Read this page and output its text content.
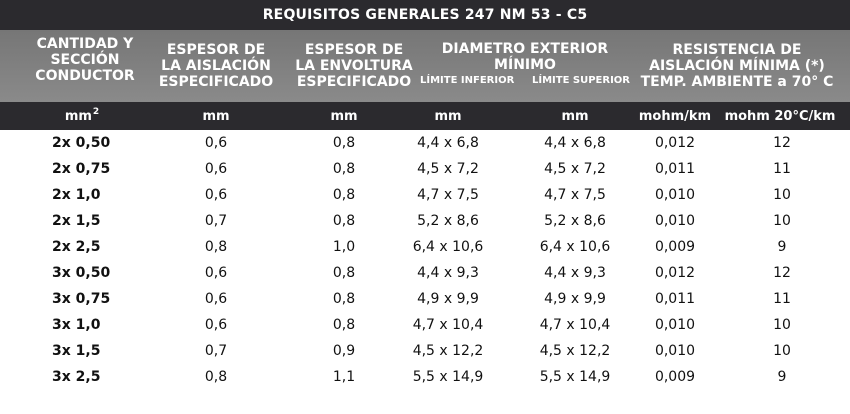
REQUISITOS GENERALES 247 NM 53 - C5
CANTIDAD Y
SECCIÓN
CONDUCTOR
ESPESOR DE
LA AISLACIÓN
ESPECIFICADO
ESPESOR DE
LA ENVOLTURA
ESPECIFICADO
DIAMETRO EXTERIOR
MÍNIMO
LÍMITE INFERIOR LÍMITE SUPERIOR
RESISTENCIA DE
AISLACIÓN MÍNIMA (*)
TEMP. AMBIENTE a 70° C
$mm^2$	mm	mm	mm	mm	mohm/km mohm 20°C/km
2x 0,50	0,6	0,8	4,4 x 6,8	4,4 x 6,8	0,012	12
2x 0,75	0,6	0,8	4,5 x 7,2	4,5 x 7,2	0,011	11
2x 1,0	0,6	0,8	4,7 x 7,5	4,7 x 7,5	0,010	10
2x 1,5	0,7	0,8	5,2 x 8,6	5,2 x 8,6	0,010	10
2x 2,5	0,8	1,0	6,4 x 10,6	6,4 x 10,6	0,009	9
3x 0,50	0,6	0,8	4,4 x 9,3	4,4 x 9,3	0,012	12
3x 0,75	0,6	0,8	4,9 x 9,9	4,9 x 9,9	0,011	11
3x 1,0	0,6	0,8	4,7 x 10,4	4,7 x 10,4	0,010	10
3x 1,5	0,7	0,9	4,5 x 12,2	4,5 x 12,2	0,010	10
3x 2,5	0,8	1,1	5,5 x 14,9	5,5 x 14,9	0,009	9
